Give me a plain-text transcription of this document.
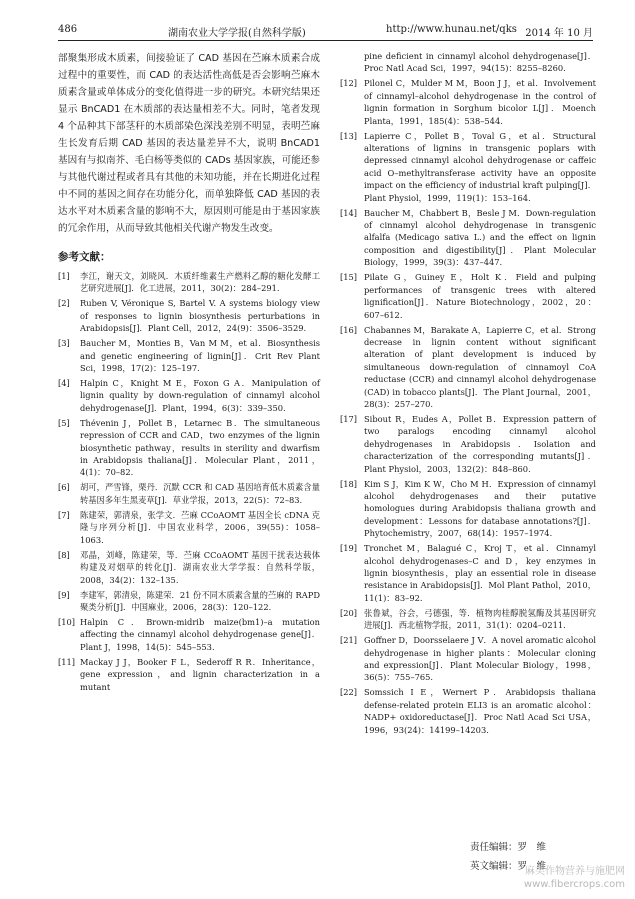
486	湖南农业大学学报(自然科学版)	http://www.hunau.net/qks 2014 年 10 月

部聚集形成木质素，间接验证了 CAD 基因在苎麻木质素合成过程中的重要性，而 CAD 的表达活性高低是否会影响苎麻木质素含量或单体成分的变化值得进一步的研究。本研究结果还显示 BnCAD1 在木质部的表达量相差不大。同时，笔者发现 4 个品种其下部茎秆的木质部染色深浅差别不明显，表明苎麻生长发育后期 CAD 基因的表达量差异不大，说明 BnCAD1 基因有与拟南芥、毛白杨等类似的 CADs 基因家族，可能还参与其他代谢过程或者具有其他的未知功能，并在长期进化过程中不同的基因之间存在功能分化，而单独降低 CAD 基因的表达水平对木质素含量的影响不大，原因则可能是由于基因家族的冗余作用，从而导致其他相关代谢产物发生改变。

参考文献：
[1] 李江，谢天文，刘晓风．木质纤维素生产燃料乙醇的糖化发酵工艺研究进展[J]．化工进展，2011，30(2)：284–291.
[2] Ruben V, Véronique S, Bartel V. A systems biology view of responses to lignin biosynthesis perturbations in Arabidopsis[J]．Plant Cell，2012，24(9)：3506–3529.
[3] Baucher M，Monties B，Van M M，et al．Biosynthesis and genetic engineering of lignin[J]．Crit Rev Plant Sci，1998，17(2)：125–197.
[4] Halpin C，Knight M E，Foxon G A．Manipulation of lignin quality by down-regulation of cinnamyl alcohol dehydrogenase[J]．Plant，1994，6(3)：339–350.
[5] Thévenin J，Pollet B，Letarnec B．The simultaneous repression of CCR and CAD，two enzymes of the lignin biosynthetic pathway，results in sterility and dwarfism in Arabidopsis thaliana[J]．Molecular Plant，2011，4(1)：70–82.
[6] 胡可，严雪锋，栗丹．沉默 CCR 和 CAD 基因培育低木质素含量转基因多年生黑麦草[J]．草业学报，2013，22(5)：72–83.
[7] 陈建荣，郭清泉，张学文．苎麻 CCoAOMT 基因全长 cDNA 克隆与序列分析[J]．中国农业科学，2006，39(55)：1058–1063.
[8] 邓晶，刘峰，陈建荣，等．苎麻 CCoAOMT 基因干扰表达载体构建及对烟草的转化[J]．湖南农业大学学报：自然科学版，2008，34(2)：132–135.
[9] 李建军，郭清泉，陈建荣．21 份不同木质素含量的苎麻的 RAPD 聚类分析[J]．中国麻业，2006，28(3)：120–122.
[10] Halpin C．Brown-midrib maize(bm1)–a mutation affecting the cinnamyl alcohol dehydrogenase gene[J]．Plant J，1998，14(5)：545–553.
[11] Mackay J J，Booker F L，Sederoff R R．Inheritance，gene expression，and lignin characterization in a mutant
pine deficient in cinnamyl alcohol dehydrogenase[J]．Proc Natl Acad Sci，1997，94(15)：8255–8260.
[12] Pilonel C，Mulder M M，Boon J J，et al．Involvement of cinnamyl–alcohol dehydrogenase in the control of lignin formation in Sorghum bicolor L[J]．Moench Planta，1991，185(4)：538–544.
[13] Lapierre C，Pollet B，Toval G，et al．Structural alterations of lignins in transgenic poplars with depressed cinnamyl alcohol dehydrogenase or caffeic acid O–methyltransferase activity have an opposite impact on the efficiency of industrial kraft pulping[J]．Plant Physiol，1999，119(1)：153–164.
[14] Baucher M，Chabbert B，Besle J M．Down-regulation of cinnamyl alcohol dehydrogenase in transgenic alfalfa (Medicago sativa L.) and the effect on lignin composition and digestibility[J]．Plant Molecular Biology，1999，39(3)：437–447.
[15] Pilate G，Guiney E，Holt K．Field and pulping performances of transgenic trees with altered lignification[J]．Nature Biotechnology，2002，20：607–612.
[16] Chabannes M，Barakate A，Lapierre C，et al．Strong decrease in lignin content without significant alteration of plant development is induced by simultaneous down-regulation of cinnamoyl CoA reductase (CCR) and cinnamyl alcohol dehydrogenase (CAD) in tobacco plants[J]．The Plant Journal，2001，28(3)：257–270.
[17] Sibout R，Eudes A，Pollet B．Expression pattern of two paralogs encoding cinnamyl alcohol dehydrogenases in Arabidopsis．Isolation and characterization of the corresponding mutants[J]．Plant Physiol，2003，132(2)：848–860.
[18] Kim S J，Kim K W，Cho M H．Expression of cinnamyl alcohol dehydrogenases and their putative homologues during Arabidopsis thaliana growth and development：Lessons for database annotations?[J]．Phytochemistry，2007，68(14)：1957–1974.
[19] Tronchet M，Balagué C，Kroj T，et al．Cinnamyl alcohol dehydrogenases–C and D，key enzymes in lignin biosynthesis，play an essential role in disease resistance in Arabidopsis[J]．Mol Plant Pathol，2010，11(1)：83–92.
[20] 张鲁斌，谷会，弓德强，等．植物肉桂醇脱氢酶及其基因研究进展[J]．西北植物学报，2011，31(1)：0204–0211.
[21] Goffner D，Doorsselaere J V．A novel aromatic alcohol dehydrogenase in higher plants：Molecular cloning and expression[J]．Plant Molecular Biology，1998，36(5)：755–765.
[22] Somssich I E，Wernert P．Arabidopsis thaliana defense-related protein ELI3 is an aromatic alcohol：NADP+ oxidoreductase[J]．Proc Natl Acad Sci USA，1996，93(24)：14199–14203.
责任编辑：罗　维
英文编辑：罗　维
麻类作物营养与施肥网
www.fibercrops.com
